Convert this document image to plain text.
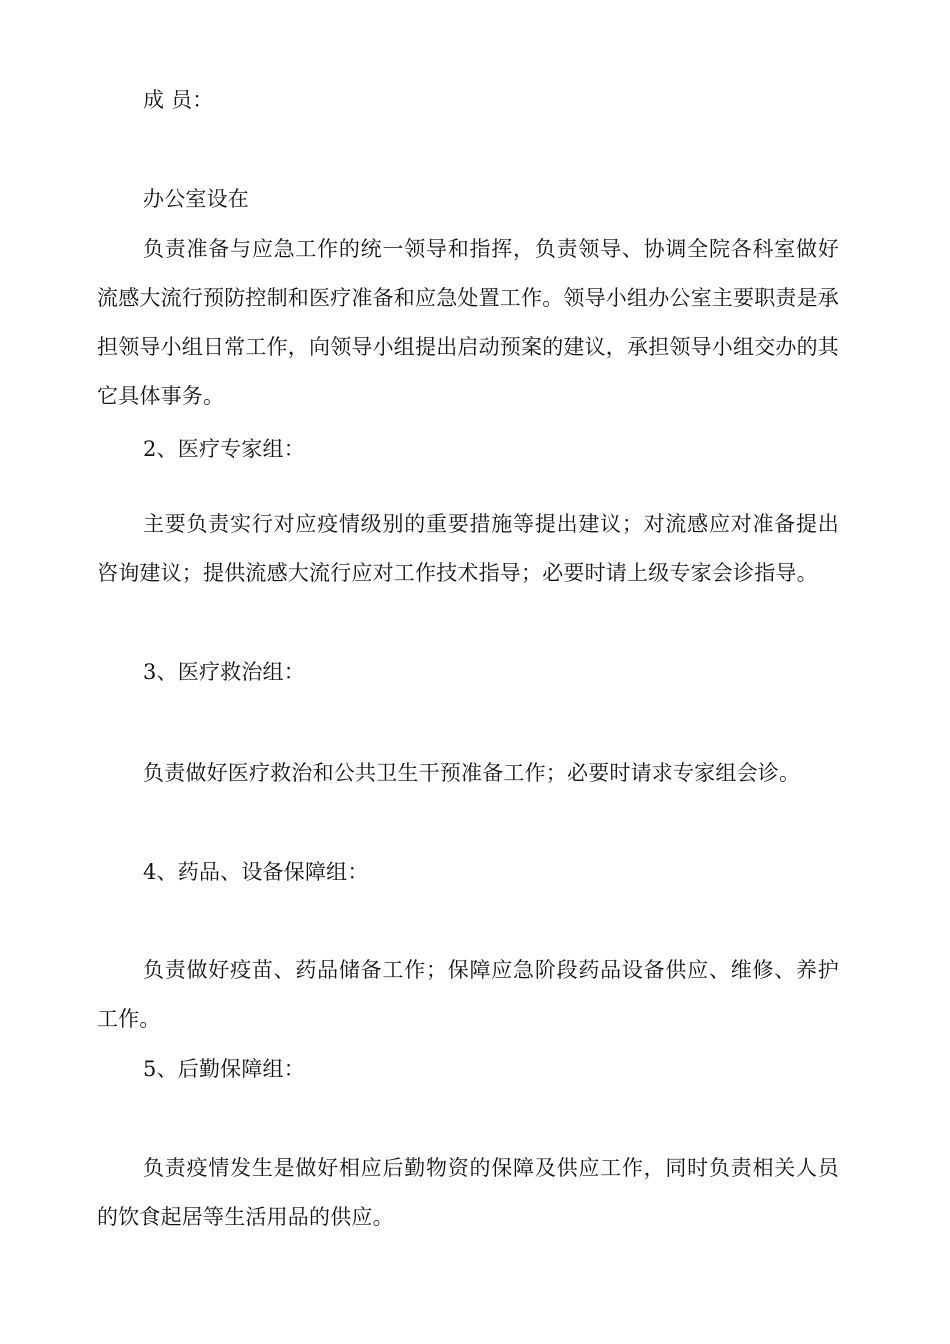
成 员：

办公室设在

负责准备与应急工作的统一领导和指挥，负责领导、协调全院各科室做好流感大流行预防控制和医疗准备和应急处置工作。领导小组办公室主要职责是承担领导小组日常工作，向领导小组提出启动预案的建议，承担领导小组交办的其它具体事务。

2、医疗专家组：

主要负责实行对应疫情级别的重要措施等提出建议；对流感应对准备提出咨询建议；提供流感大流行应对工作技术指导；必要时请上级专家会诊指导。

3、医疗救治组：

负责做好医疗救治和公共卫生干预准备工作；必要时请求专家组会诊。

4、药品、设备保障组：

负责做好疫苗、药品储备工作；保障应急阶段药品设备供应、维修、养护工作。

5、后勤保障组：

负责疫情发生是做好相应后勤物资的保障及供应工作，同时负责相关人员的饮食起居等生活用品的供应。
